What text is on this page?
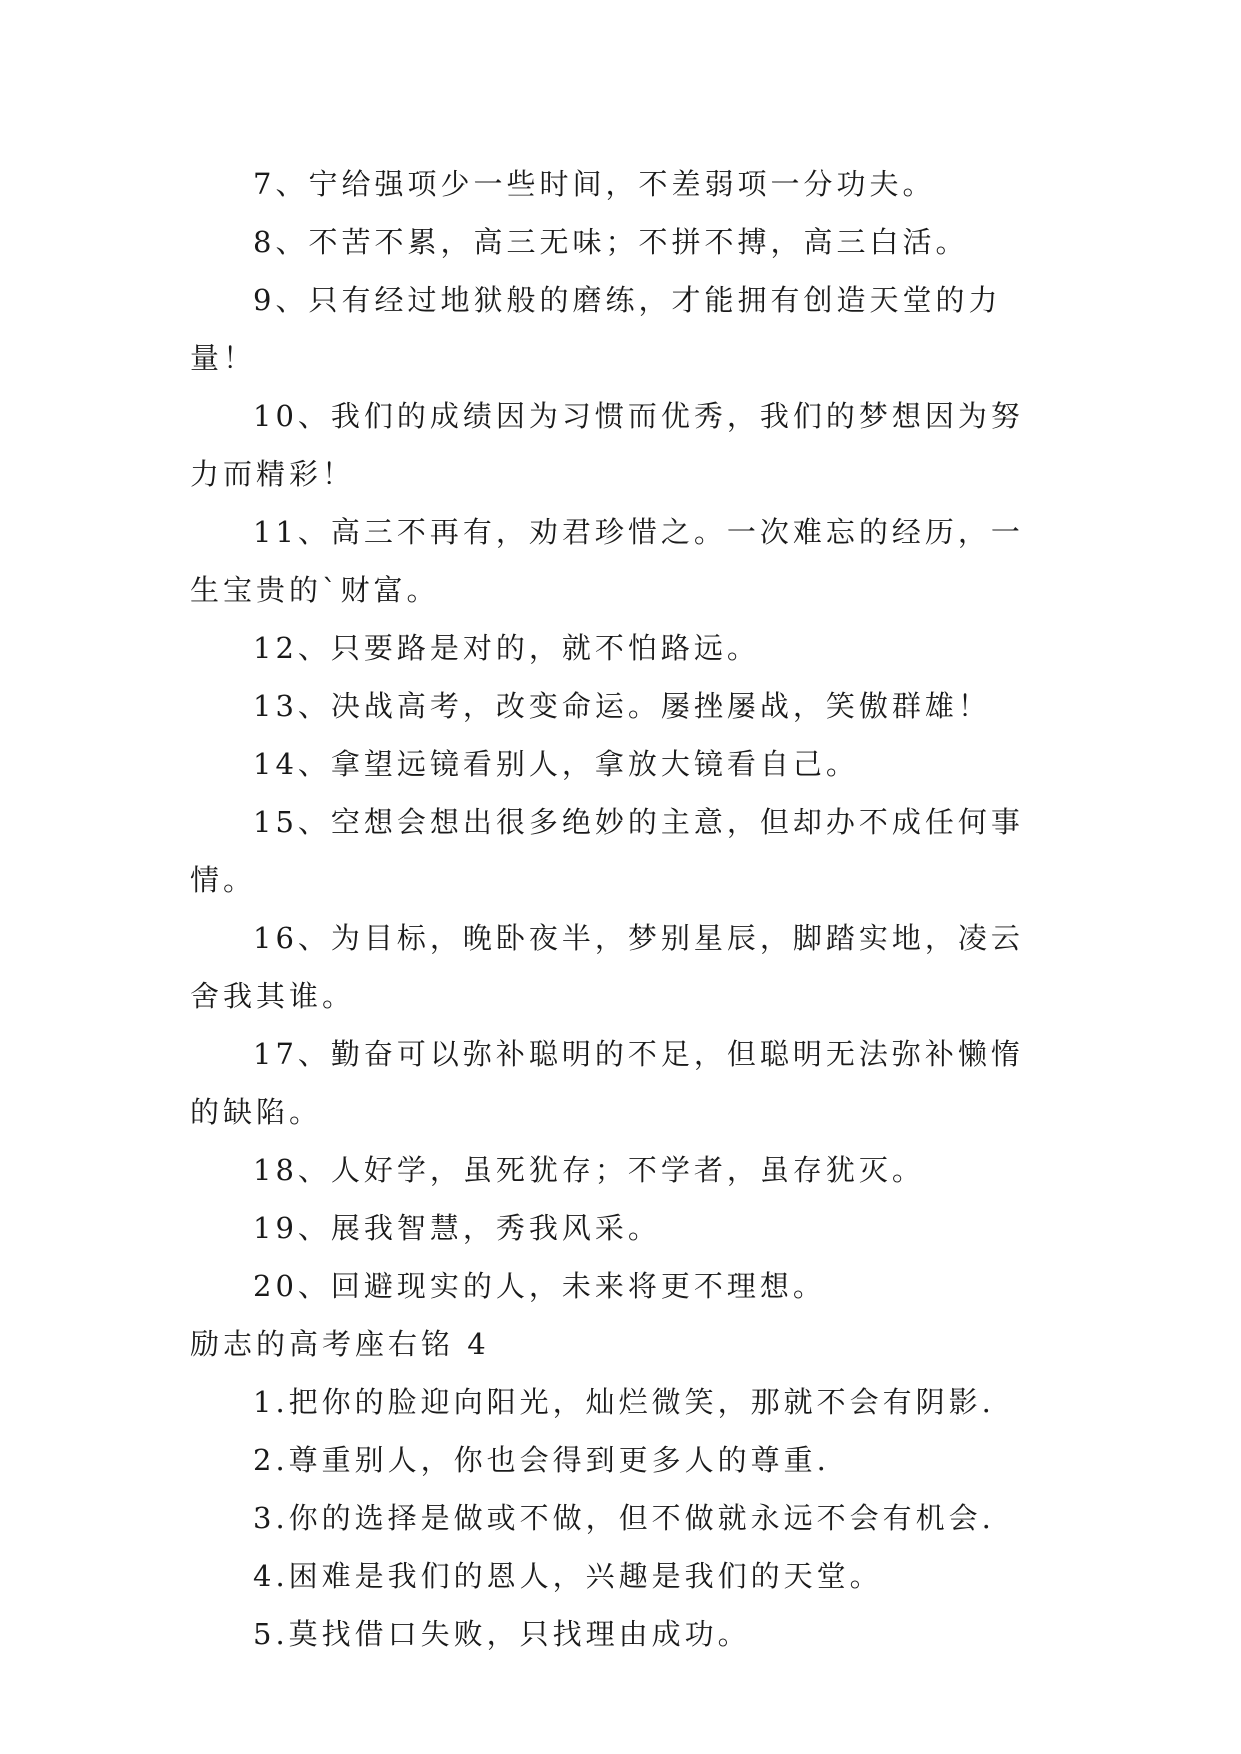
7、宁给强项少一些时间，不差弱项一分功夫。

8、不苦不累，高三无味；不拼不搏，高三白活。

9、只有经过地狱般的磨练，才能拥有创造天堂的力量！

10、我们的成绩因为习惯而优秀，我们的梦想因为努力而精彩！

11、高三不再有，劝君珍惜之。一次难忘的经历，一生宝贵的`财富。

12、只要路是对的，就不怕路远。

13、决战高考，改变命运。屡挫屡战，笑傲群雄！

14、拿望远镜看别人，拿放大镜看自己。

15、空想会想出很多绝妙的主意，但却办不成任何事情。

16、为目标，晚卧夜半，梦别星辰，脚踏实地，凌云舍我其谁。

17、勤奋可以弥补聪明的不足，但聪明无法弥补懒惰的缺陷。

18、人好学，虽死犹存；不学者，虽存犹灭。

19、展我智慧，秀我风采。

20、回避现实的人，未来将更不理想。

励志的高考座右铭 4

1.把你的脸迎向阳光，灿烂微笑，那就不会有阴影.

2.尊重别人，你也会得到更多人的尊重.

3.你的选择是做或不做，但不做就永远不会有机会.

4.困难是我们的恩人，兴趣是我们的天堂。

5.莫找借口失败，只找理由成功。
